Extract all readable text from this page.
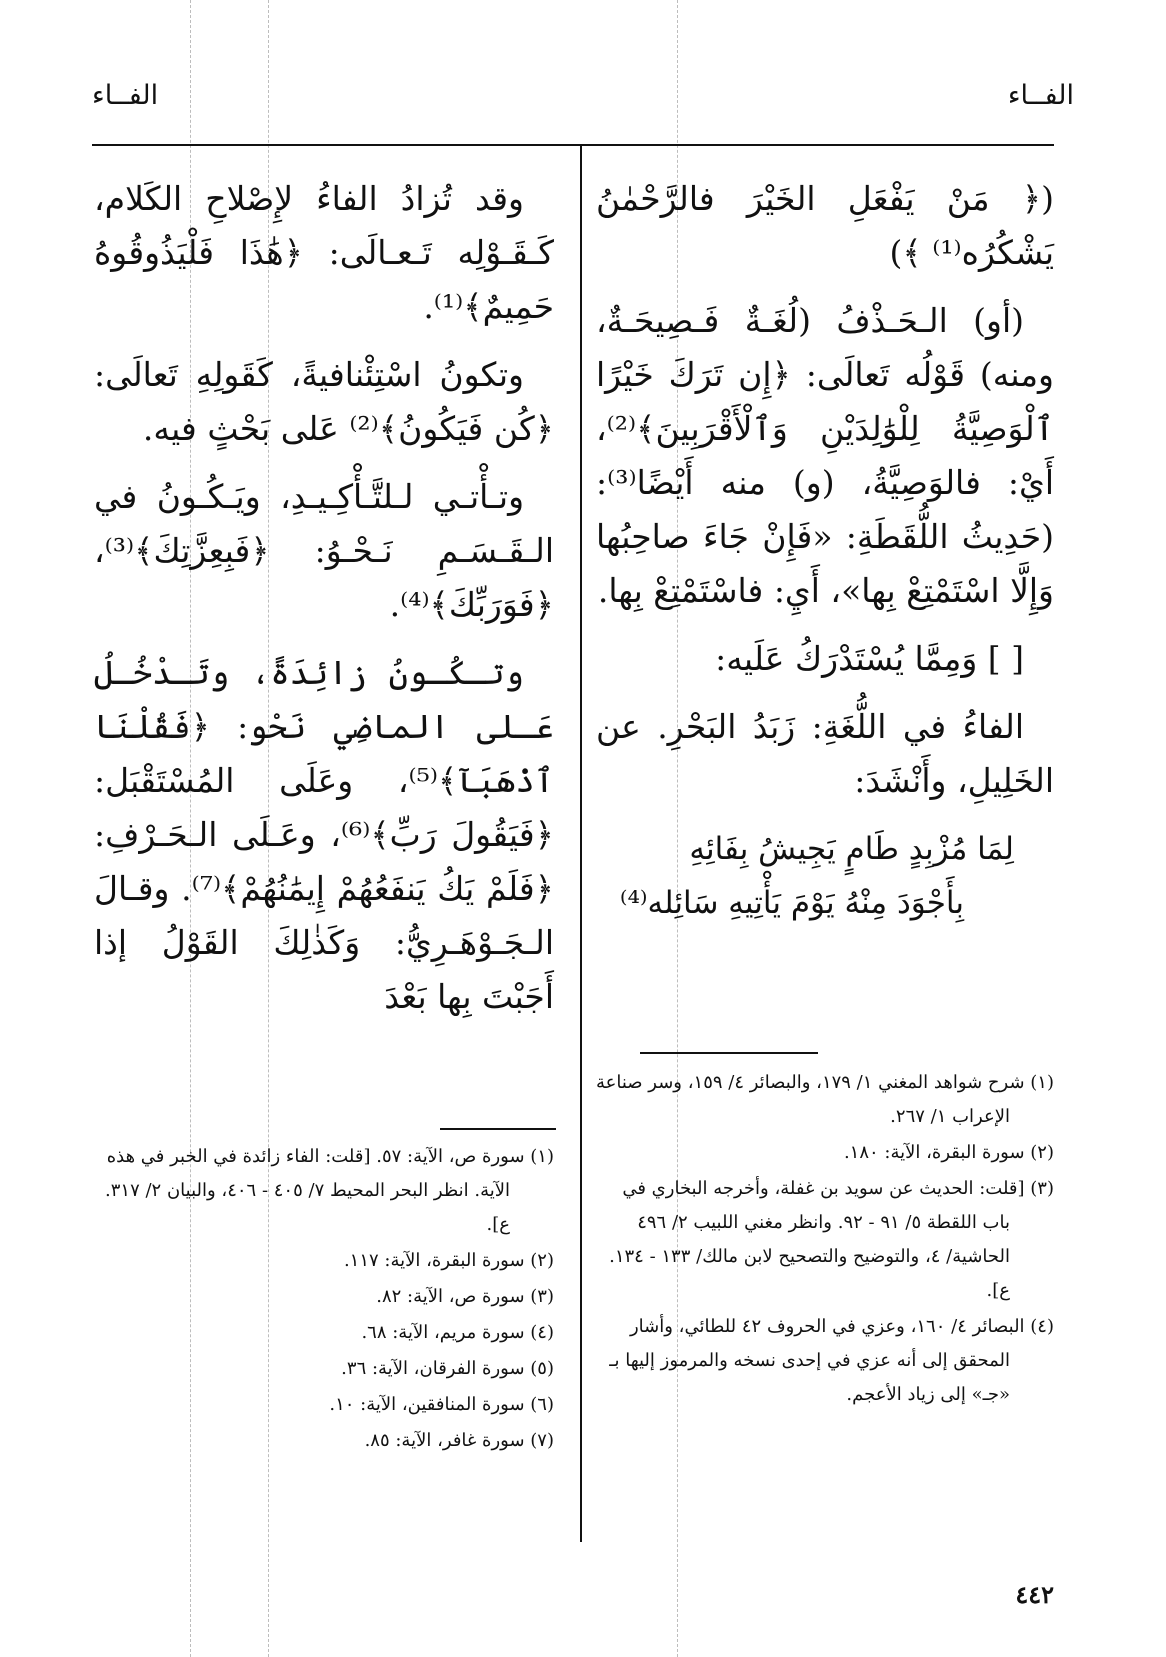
الفــاء
الفــاء

(﴿ مَنْ يَفْعَلِ الخَيْرَ فالرَّحْمٰنُ يَشْكُرُه⁽¹⁾ ﴾)

(أو) الـحَـذْفُ (لُغَـةٌ فَـصِيحَـةٌ، ومنه) قَوْلُه تَعالَى: ﴿إِن تَرَكَ خَيْرًا ٱلْوَصِيَّةُ لِلْوَٰلِدَيْنِ وَٱلْأَقْرَبِينَ﴾⁽²⁾، أَيْ: فالوَصِيَّةُ، (و) منه أَيْضًا⁽³⁾: (حَدِيثُ اللُّقَطَةِ: «فَإِنْ جَاءَ صاحِبُها وَإِلَّا اسْتَمْتِعْ بِها»، أَيِ: فاسْتَمْتِعْ بِها.

[ ] وَمِمَّا يُسْتَدْرَكُ عَلَيه:

الفاءُ في اللُّغَةِ: زَبَدُ البَحْرِ. عن الخَلِيلِ، وأَنْشَدَ:

لِمَا مُزْبِدٍ طَامٍ يَجِيشُ بِفَائِهِ

بِأَجْوَدَ مِنْهُ يَوْمَ يَأْتِيهِ سَائِله⁽⁴⁾

وقد تُزادُ الفاءُ لإِصْلاحِ الكَلام، كَـقَـوْلِه تَـعـالَى: ﴿هَٰذَا فَلْيَذُوقُوهُ حَمِيمٌ﴾⁽¹⁾.

وتكونُ اسْتِئْنافيةً، كَقَولِهِ تَعالَى: ﴿كُن فَيَكُونُ﴾⁽²⁾ عَلى بَحْثٍ فيه.

وتـأْتـي لـلتَّـأْكِـيـدِ، ويَـكُـونُ في الـقَـسَـمِ نَـحْـوُ: ﴿فَبِعِزَّتِكَ﴾⁽³⁾، ﴿فَوَرَبِّكَ﴾⁽⁴⁾.

وتـكُـونُ زائِدَةً، وتَـدْخُـلُ عَـلى الماضِي نَحْو: ﴿فَقُلْنَا ٱذْهَبَآ﴾⁽⁵⁾، وعَلَى المُسْتَقْبَل: ﴿فَيَقُولَ رَبِّ﴾⁽⁶⁾، وعَـلَى الـحَـرْفِ: ﴿فَلَمْ يَكُ يَنفَعُهُمْ إِيمَٰنُهُمْ﴾⁽⁷⁾. وقـالَ الـجَـوْهَـرِيُّ: وَكَذٰلِكَ القَوْلُ إذا أَجَبْتَ بِها بَعْدَ

(١) شرح شواهد المغني ١/ ١٧٩، والبصائر ٤/ ١٥٩، وسر صناعة الإعراب ١/ ٢٦٧.

(٢) سورة البقرة، الآية: ١٨٠.

(٣) [قلت: الحديث عن سويد بن غفلة، وأخرجه البخاري في باب اللقطة ٥/ ٩١ - ٩٢. وانظر مغني اللبيب ٢/ ٤٩٦ الحاشية/ ٤، والتوضيح والتصحيح لابن مالك/ ١٣٣ - ١٣٤. ع].

(٤) البصائر ٤/ ١٦٠، وعزي في الحروف ٤٢ للطائي، وأشار المحقق إلى أنه عزي في إحدى نسخه والمرموز إليها بـ «جـ» إلى زياد الأعجم.

(١) سورة ص، الآية: ٥٧. [قلت: الفاء زائدة في الخبر في هذه الآية. انظر البحر المحيط ٧/ ٤٠٥ - ٤٠٦، والبيان ٢/ ٣١٧. ع].

(٢) سورة البقرة، الآية: ١١٧.

(٣) سورة ص، الآية: ٨٢.

(٤) سورة مريم، الآية: ٦٨.

(٥) سورة الفرقان، الآية: ٣٦.

(٦) سورة المنافقين، الآية: ١٠.

(٧) سورة غافر، الآية: ٨٥.

٤٤٢
